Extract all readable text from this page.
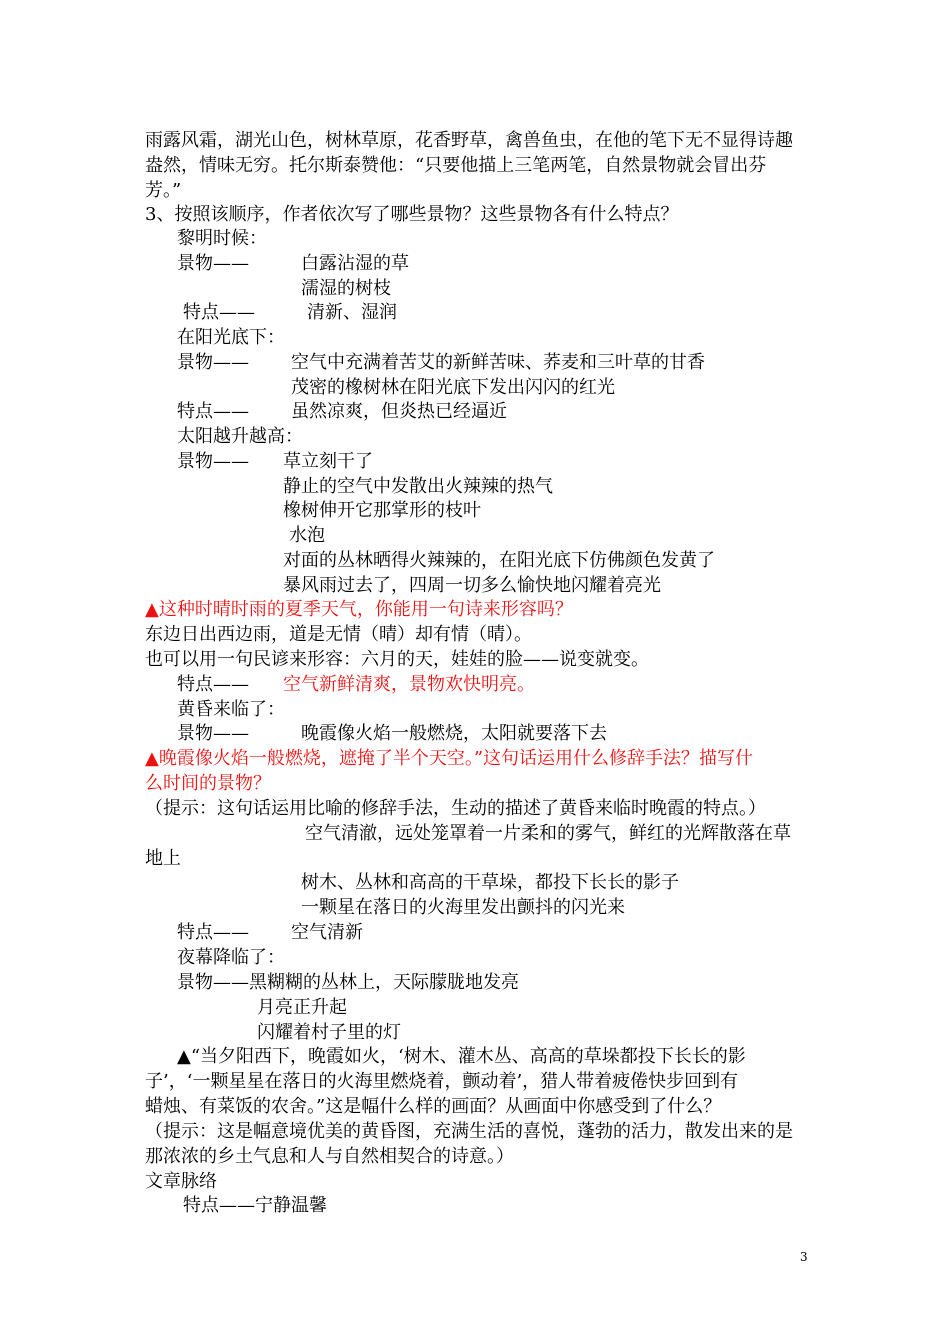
雨露风霜，湖光山色，树林草原，花香野草，禽兽鱼虫，在他的笔下无不显得诗趣
盎然，情味无穷。托尔斯泰赞他：“只要他描上三笔两笔，自然景物就会冒出芬
芳。”
3、按照该顺序，作者依次写了哪些景物？这些景物各有什么特点？
黎明时候：
景物——	白露沾湿的草
濡湿的树枝
特点——	清新、湿润
在阳光底下：
景物—— 空气中充满着苦艾的新鲜苦味、荞麦和三叶草的甘香
茂密的橡树林在阳光底下发出闪闪的红光
特点—— 虽然凉爽，但炎热已经逼近
太阳越升越高：
景物—— 草立刻干了
静止的空气中发散出火辣辣的热气
橡树伸开它那掌形的枝叶
水泡
对面的丛林晒得火辣辣的，在阳光底下仿佛颜色发黄了
暴风雨过去了，四周一切多么愉快地闪耀着亮光
▲这种时晴时雨的夏季天气，你能用一句诗来形容吗？
东边日出西边雨，道是无情（晴）却有情（晴）。
也可以用一句民谚来形容：六月的天，娃娃的脸——说变就变。
特点—— 空气新鲜清爽，景物欢快明亮。
黄昏来临了：
景物——	晚霞像火焰一般燃烧，太阳就要落下去
▲晚霞像火焰一般燃烧，遮掩了半个天空。”这句话运用什么修辞手法？描写什
么时间的景物？
（提示：这句话运用比喻的修辞手法，生动的描述了黄昏来临时晚霞的特点。）
空气清澈，远处笼罩着一片柔和的雾气，鲜红的光辉散落在草
地上
树木、丛林和高高的干草垛，都投下长长的影子
一颗星在落日的火海里发出颤抖的闪光来
特点—— 空气清新
夜幕降临了：
景物——黑糊糊的丛林上，天际朦胧地发亮
月亮正升起
闪耀着村子里的灯
▲“当夕阳西下，晚霞如火，‘树木、灌木丛、高高的草垛都投下长长的影
子’，‘一颗星星在落日的火海里燃烧着，颤动着’，猎人带着疲倦快步回到有
蜡烛、有菜饭的农舍。”这是幅什么样的画面？从画面中你感受到了什么？
（提示：这是幅意境优美的黄昏图，充满生活的喜悦，蓬勃的活力，散发出来的是
那浓浓的乡土气息和人与自然相契合的诗意。）
文章脉络
特点——宁静温馨
3
